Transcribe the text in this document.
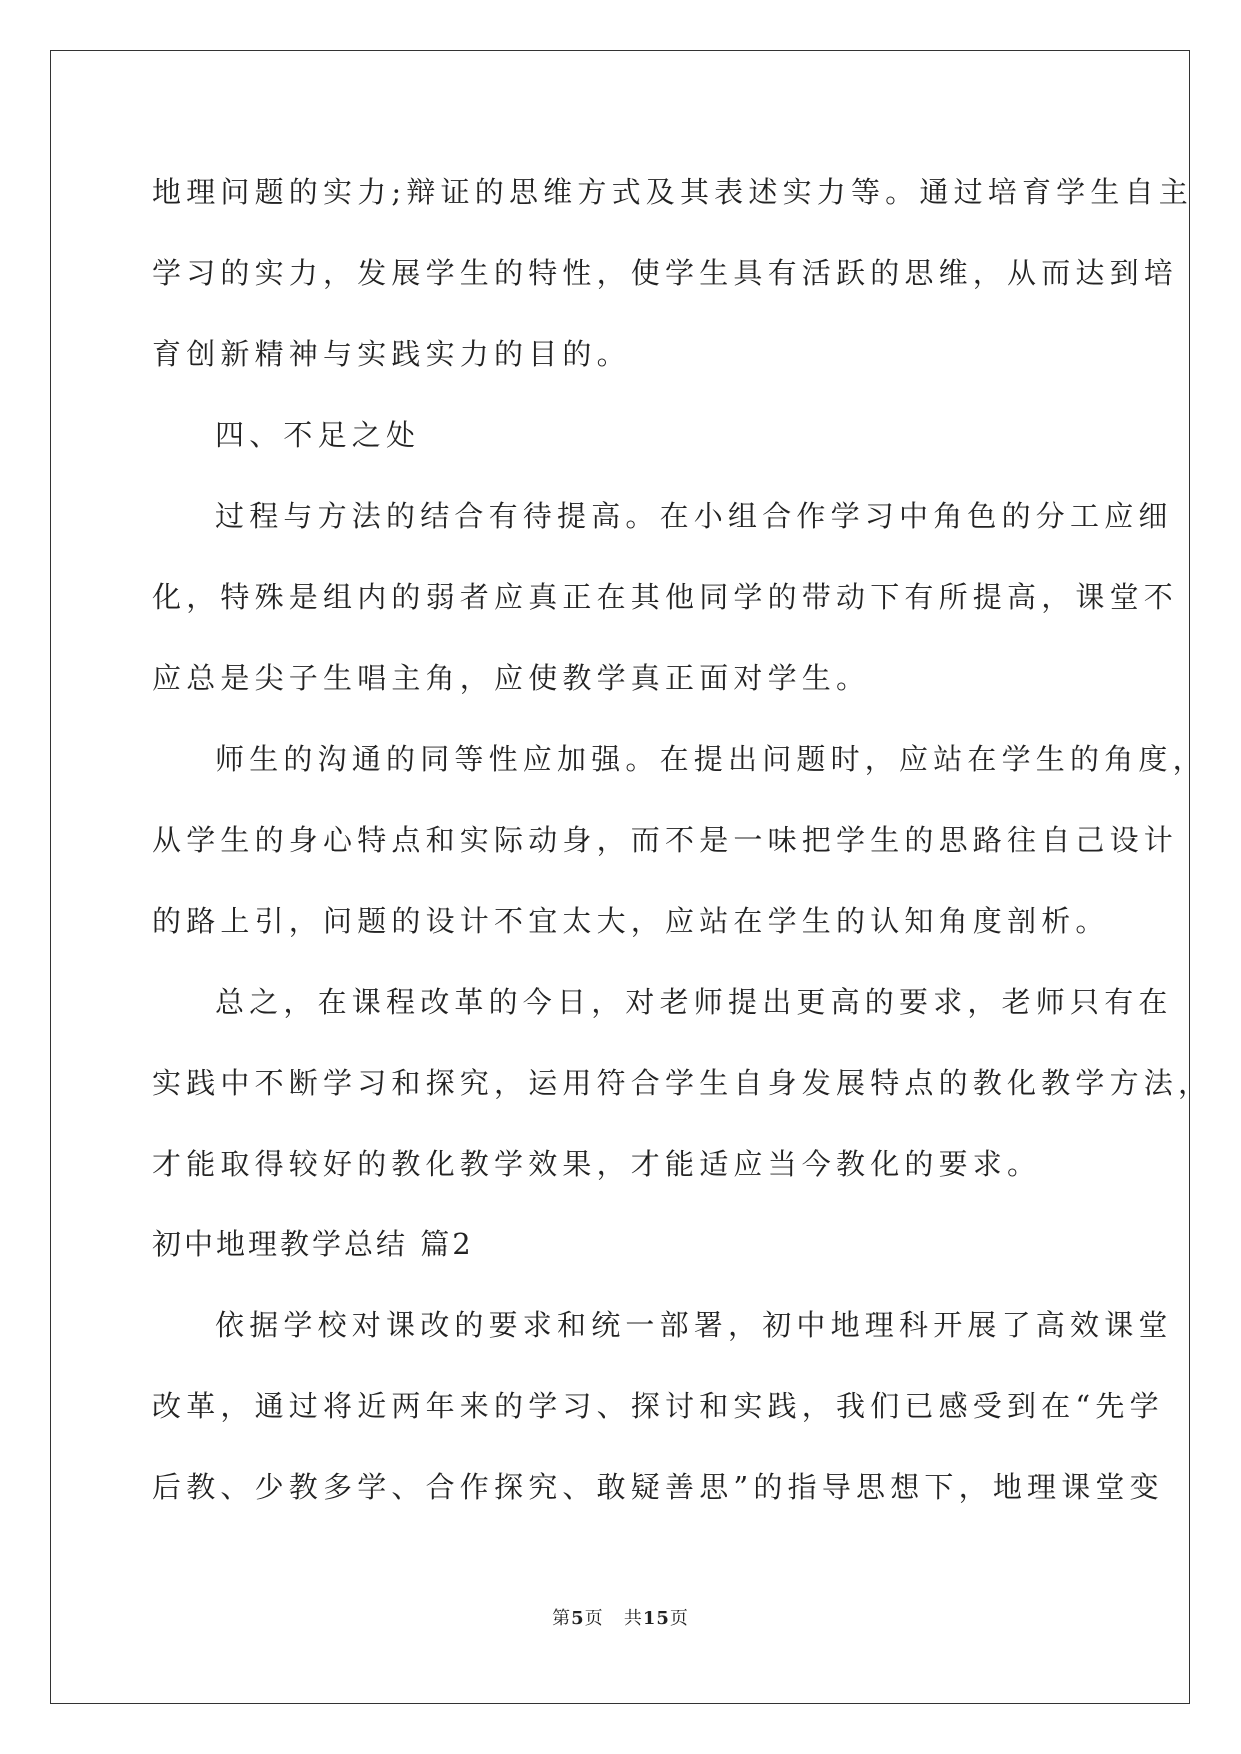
地理问题的实力;辩证的思维方式及其表述实力等。通过培育学生自主
学习的实力，发展学生的特性，使学生具有活跃的思维，从而达到培
育创新精神与实践实力的目的。
四、不足之处
过程与方法的结合有待提高。在小组合作学习中角色的分工应细
化，特殊是组内的弱者应真正在其他同学的带动下有所提高，课堂不
应总是尖子生唱主角，应使教学真正面对学生。
师生的沟通的同等性应加强。在提出问题时，应站在学生的角度，
从学生的身心特点和实际动身，而不是一味把学生的思路往自己设计
的路上引，问题的设计不宜太大，应站在学生的认知角度剖析。
总之，在课程改革的今日，对老师提出更高的要求，老师只有在
实践中不断学习和探究，运用符合学生自身发展特点的教化教学方法，
才能取得较好的教化教学效果，才能适应当今教化的要求。
初中地理教学总结 篇2
依据学校对课改的要求和统一部署，初中地理科开展了高效课堂
改革，通过将近两年来的学习、探讨和实践，我们已感受到在“先学
后教、少教多学、合作探究、敢疑善思”的指导思想下，地理课堂变
第5页 共15页
